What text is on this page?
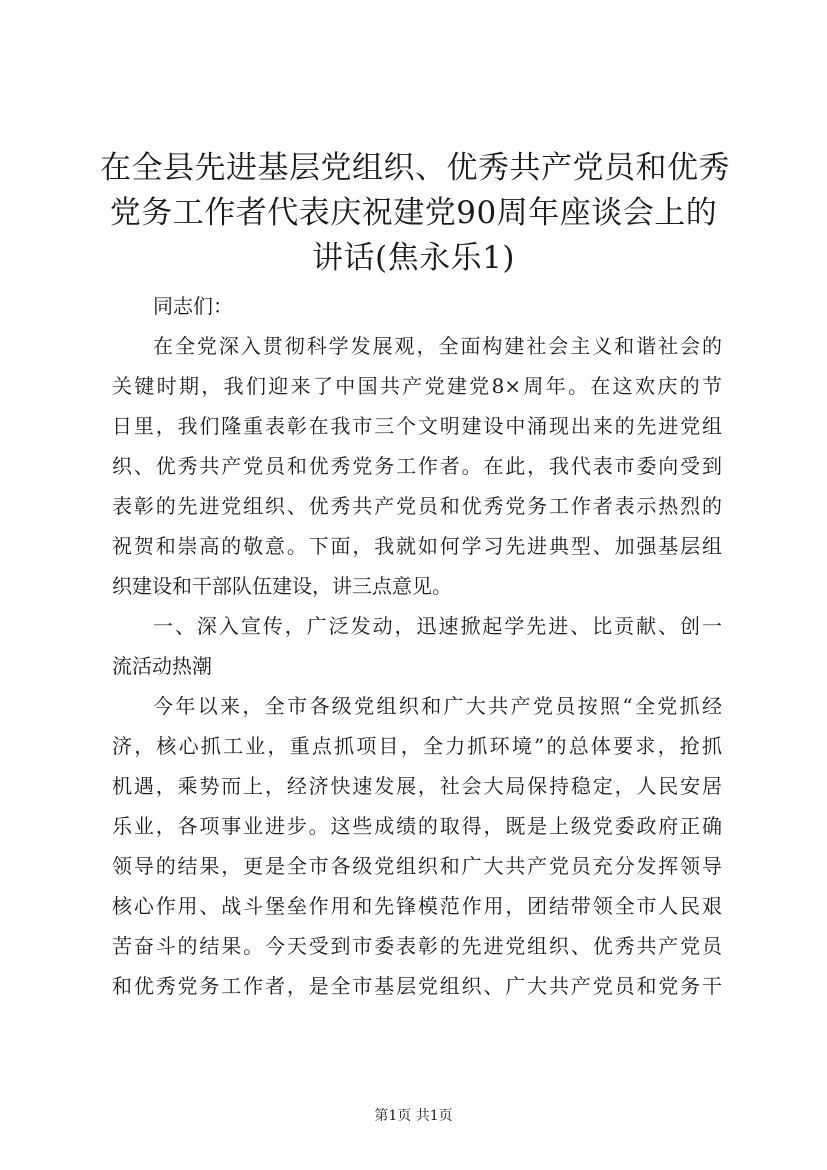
在全县先进基层党组织、优秀共产党员和优秀
党务工作者代表庆祝建党90周年座谈会上的
讲话(焦永乐1)
同志们：
在全党深入贯彻科学发展观，全面构建社会主义和谐社会的
关键时期，我们迎来了中国共产党建党8×周年。在这欢庆的节
日里，我们隆重表彰在我市三个文明建设中涌现出来的先进党组
织、优秀共产党员和优秀党务工作者。在此，我代表市委向受到
表彰的先进党组织、优秀共产党员和优秀党务工作者表示热烈的
祝贺和崇高的敬意。下面，我就如何学习先进典型、加强基层组
织建设和干部队伍建设，讲三点意见。
一、深入宣传，广泛发动，迅速掀起学先进、比贡献、创一
流活动热潮
今年以来，全市各级党组织和广大共产党员按照“全党抓经
济，核心抓工业，重点抓项目，全力抓环境”的总体要求，抢抓
机遇，乘势而上，经济快速发展，社会大局保持稳定，人民安居
乐业，各项事业进步。这些成绩的取得，既是上级党委政府正确
领导的结果，更是全市各级党组织和广大共产党员充分发挥领导
核心作用、战斗堡垒作用和先锋模范作用，团结带领全市人民艰
苦奋斗的结果。今天受到市委表彰的先进党组织、优秀共产党员
和优秀党务工作者，是全市基层党组织、广大共产党员和党务干
第1页 共1页
